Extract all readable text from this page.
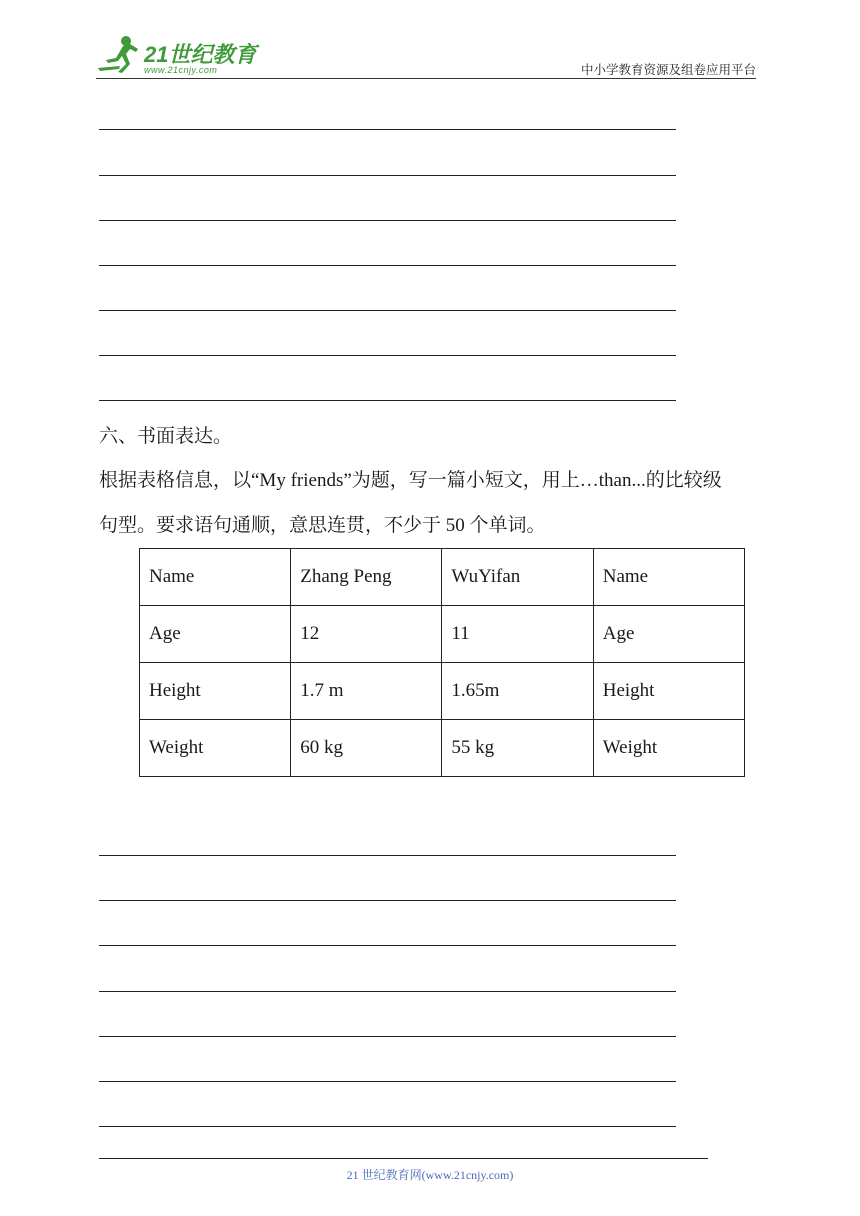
21世纪教育
www.21cnjy.com	中小学教育资源及组卷应用平台
六、书面表达。
根据表格信息，以“My friends”为题，写一篇小短文，用上…than...的比较级
句型。要求语句通顺，意思连贯，不少于 50 个单词。
Name	Zhang Peng	WuYifan	Name
Age	12	11	Age
Height	1.7 m	1.65m	Height
Weight	60 kg	55 kg	Weight
21 世纪教育网(www.21cnjy.com)
